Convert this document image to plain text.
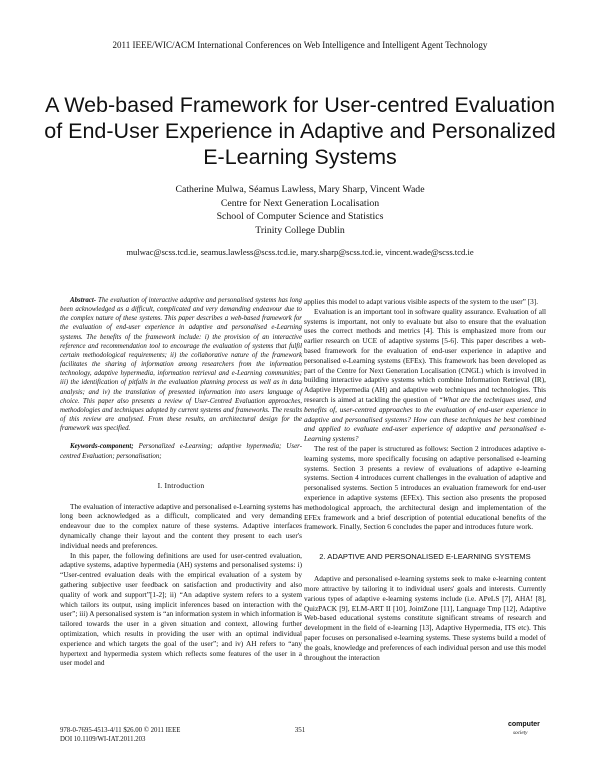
2011 IEEE/WIC/ACM International Conferences on Web Intelligence and Intelligent Agent Technology
A Web-based Framework for User-centred Evaluation of End-User Experience in Adaptive and Personalized E-Learning Systems
Catherine Mulwa, Séamus Lawless, Mary Sharp, Vincent Wade
Centre for Next Generation Localisation
School of Computer Science and Statistics
Trinity College Dublin
mulwac@scss.tcd.ie, seamus.lawless@scss.tcd.ie, mary.sharp@scss.tcd.ie, vincent.wade@scss.tcd.ie

Abstract- The evaluation of interactive adaptive and personalised systems has long been acknowledged as a difficult, complicated and very demanding endeavour due to the complex nature of these systems. This paper describes a web-based framework for the evaluation of end-user experience in adaptive and personalised e-Learning systems. The benefits of the framework include: i) the provision of an interactive reference and recommendation tool to encourage the evaluation of systems that fulfil certain methodological requirements; ii) the collaborative nature of the framework facilitates the sharing of information among researchers from the information technology, adaptive hypermedia, information retrieval and e-Learning communities; iii) the identification of pitfalls in the evaluation planning process as well as in data analysis; and iv) the translation of presented information into users language of choice. This paper also presents a review of User-Centred Evaluation approaches, methodologies and techniques adopted by current systems and frameworks. The results of this review are analysed. From these results, an architectural design for the framework was specified.

Keywords-component; Personalized e-Learning; adaptive hypermedia; User-centred Evaluation; personalisation;

I. Introduction

The evaluation of interactive adaptive and personalised e-Learning systems has long been acknowledged as a difficult, complicated and very demanding endeavour due to the complex nature of these systems. Adaptive interfaces dynamically change their layout and the content they present to each user's individual needs and preferences.

In this paper, the following definitions are used for user-centred evaluation, adaptive systems, adaptive hypermedia (AH) systems and personalised systems: i) “User-centred evaluation deals with the empirical evaluation of a system by gathering subjective user feedback on satisfaction and productivity and also quality of work and support”[1-2]; ii) “An adaptive system refers to a system which tailors its output, using implicit inferences based on interaction with the user”; iii) A personalised system is “an information system in which information is tailored towards the user in a given situation and context, allowing further optimization, which results in providing the user with an optimal individual experience and which targets the goal of the user”; and iv) AH refers to “any hypertext and hypermedia system which reflects some features of the user in a user model and

applies this model to adapt various visible aspects of the system to the user” [3].

Evaluation is an important tool in software quality assurance. Evaluation of all systems is important, not only to evaluate but also to ensure that the evaluation uses the correct methods and metrics [4]. This is emphasized more from our earlier research on UCE of adaptive systems [5-6]. This paper describes a web-based framework for the evaluation of end-user experience in adaptive and personalised e-Learning systems (EFEx). This framework has been developed as part of the Centre for Next Generation Localisation (CNGL) which is involved in building interactive adaptive systems which combine Information Retrieval (IR), Adaptive Hypermedia (AH) and adaptive web techniques and technologies. This research is aimed at tackling the question of “What are the techniques used, and benefits of, user-centred approaches to the evaluation of end-user experience in adaptive and personalised systems? How can these techniques be best combined and applied to evaluate end-user experience of adaptive and personalised e-Learning systems?

The rest of the paper is structured as follows: Section 2 introduces adaptive e-learning systems, more specifically focusing on adaptive personalised e-learning systems. Section 3 presents a review of evaluations of adaptive e-learning systems. Section 4 introduces current challenges in the evaluation of adaptive and personalised systems. Section 5 introduces an evaluation framework for end-user experience in adaptive systems (EFEx). This section also presents the proposed methodological approach, the architectural design and implementation of the EFEx framework and a brief description of potential educational benefits of the framework. Finally, Section 6 concludes the paper and introduces future work.

2. ADAPTIVE AND PERSONALISED E-LEARNING SYSTEMS

Adaptive and personalised e-learning systems seek to make e-learning content more attractive by tailoring it to individual users' goals and interests. Currently various types of adaptive e-learning systems include (i.e. APeLS [7], AHA! [8], QuizPACK [9], ELM-ART II [10], JointZone [11], Language Tmp [12], Adaptive Web-based educational systems constitute significant streams of research and development in the field of e-learning [13], Adaptive Hypermedia, ITS etc). This paper focuses on personalised e-learning systems. These systems build a model of the goals, knowledge and preferences of each individual person and use this model throughout the interaction

978-0-7695-4513-4/11 $26.00 © 2011 IEEE
DOI 10.1109/WI-IAT.2011.203
351
computer
society
